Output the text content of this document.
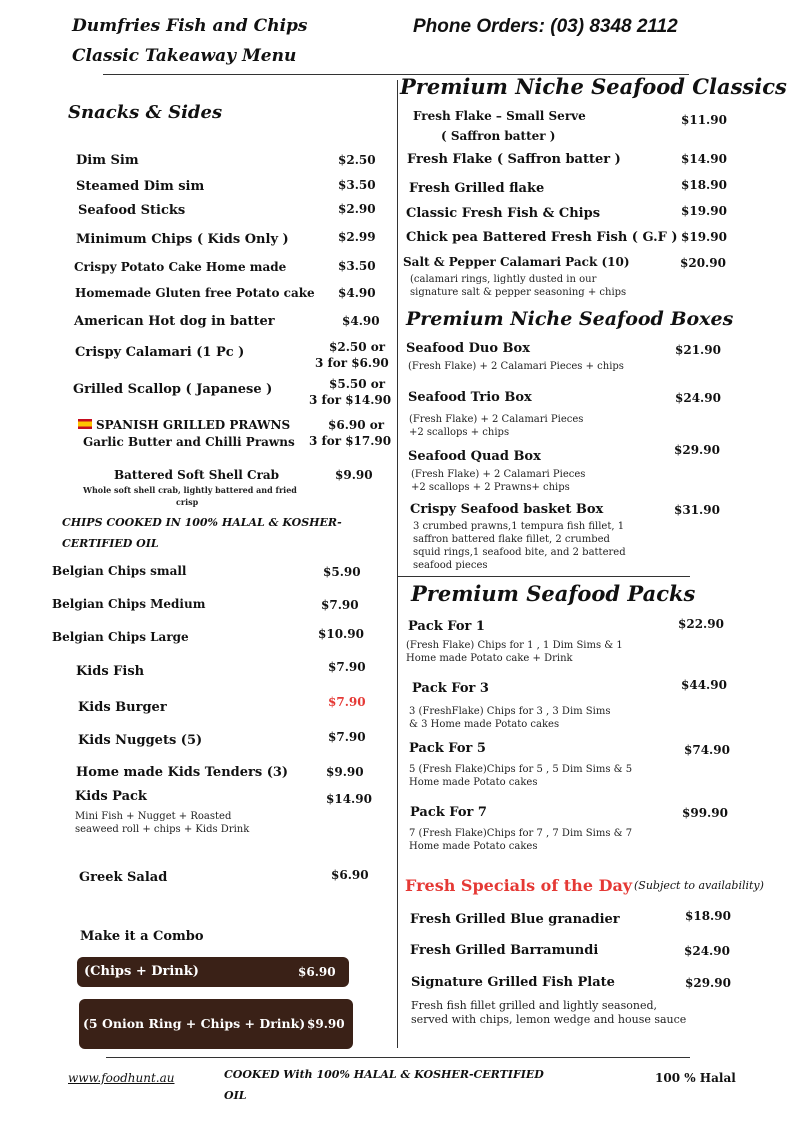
Dumfries Fish and Chips
Classic Takeaway Menu
Phone Orders: (03) 8348 2112
Snacks & Sides
Dim Sim	$2.50
Steamed Dim sim	$3.50
Seafood Sticks	$2.90
Minimum Chips ( Kids Only )	$2.99
Crispy Potato Cake Home made	$3.50
Homemade Gluten free Potato cake $4.90
American Hot dog in batter	$4.90
Crispy Calamari (1 Pc )	$2.50 or
3 for $6.90
Grilled Scallop ( Japanese )	$5.50 or
3 for $14.90
SPANISH GRILLED PRAWNS
Garlic Butter and Chilli Prawns
$6.90 or
3 for $17.90
Battered Soft Shell Crab	$9.90
Whole soft shell crab, lightly battered and fried
crisp
CHIPS COOKED IN 100% HALAL & KOSHER-
CERTIFIED OIL
Belgian Chips small	$5.90
Belgian Chips Medium	$7.90
Belgian Chips Large	$10.90
Kids Fish	$7.90
Kids Burger	$7.90
Kids Nuggets (5)	$7.90
Home made Kids Tenders (3)	$9.90
Kids Pack	$14.90
Mini Fish + Nugget + Roasted
seaweed roll + chips + Kids Drink
Greek Salad	$6.90
Make it a Combo
(Chips + Drink)	$6.90
(5 Onion Ring + Chips + Drink) $9.90
Premium Niche Seafood Classics
Fresh Flake – Small Serve
( Saffron batter )
$11.90
Fresh Flake ( Saffron batter )	$14.90
Fresh Grilled flake	$18.90
Classic Fresh Fish & Chips	$19.90
Chick pea Battered Fresh Fish ( G.F ) $19.90
Salt & Pepper Calamari Pack (10)	$20.90
(calamari rings, lightly dusted in our
signature salt & pepper seasoning + chips
Premium Niche Seafood Boxes
Seafood Duo Box	$21.90
(Fresh Flake) + 2 Calamari Pieces + chips
Seafood Trio Box	$24.90
(Fresh Flake) + 2 Calamari Pieces
+2 scallops + chips
Seafood Quad Box	$29.90
(Fresh Flake) + 2 Calamari Pieces
+2 scallops + 2 Prawns+ chips
Crispy Seafood basket Box	$31.90
3 crumbed prawns,1 tempura fish fillet, 1
saffron battered flake fillet, 2 crumbed
squid rings,1 seafood bite, and 2 battered
seafood pieces
Premium Seafood Packs
Pack For 1	$22.90
(Fresh Flake) Chips for 1 , 1 Dim Sims & 1
Home made Potato cake + Drink
Pack For 3	$44.90
3 (FreshFlake) Chips for 3 , 3 Dim Sims
& 3 Home made Potato cakes
Pack For 5	$74.90
5 (Fresh Flake)Chips for 5 , 5 Dim Sims & 5
Home made Potato cakes
Pack For 7	$99.90
7 (Fresh Flake)Chips for 7 , 7 Dim Sims & 7
Home made Potato cakes
Fresh Specials of the Day (Subject to availability)
Fresh Grilled Blue granadier	$18.90
Fresh Grilled Barramundi	$24.90
Signature Grilled Fish Plate	$29.90
Fresh fish fillet grilled and lightly seasoned,
served with chips, lemon wedge and house sauce
www.foodhunt.au	COOKED With 100% HALAL & KOSHER-CERTIFIED
OIL
100 % Halal
